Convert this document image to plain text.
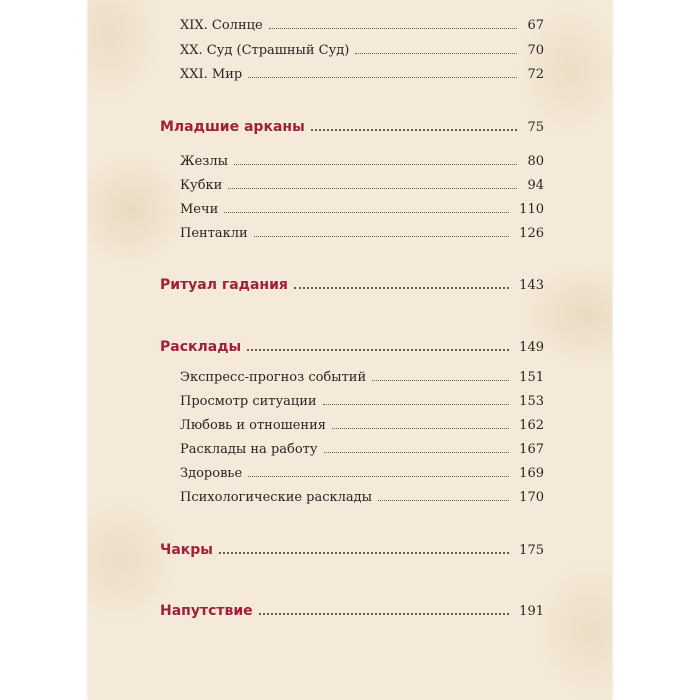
XIX. Солнце	67
XX. Суд (Страшный Суд)	70
XXI. Мир	72
Младшие арканы	75
Жезлы	80
Кубки	94
Мечи	110
Пентакли	126
Ритуал гадания	143
Расклады	149
Экспресс-прогноз событий	151
Просмотр ситуации	153
Любовь и отношения	162
Расклады на работу	167
Здоровье	169
Психологические расклады	170
Чакры	175
Напутствие	191
